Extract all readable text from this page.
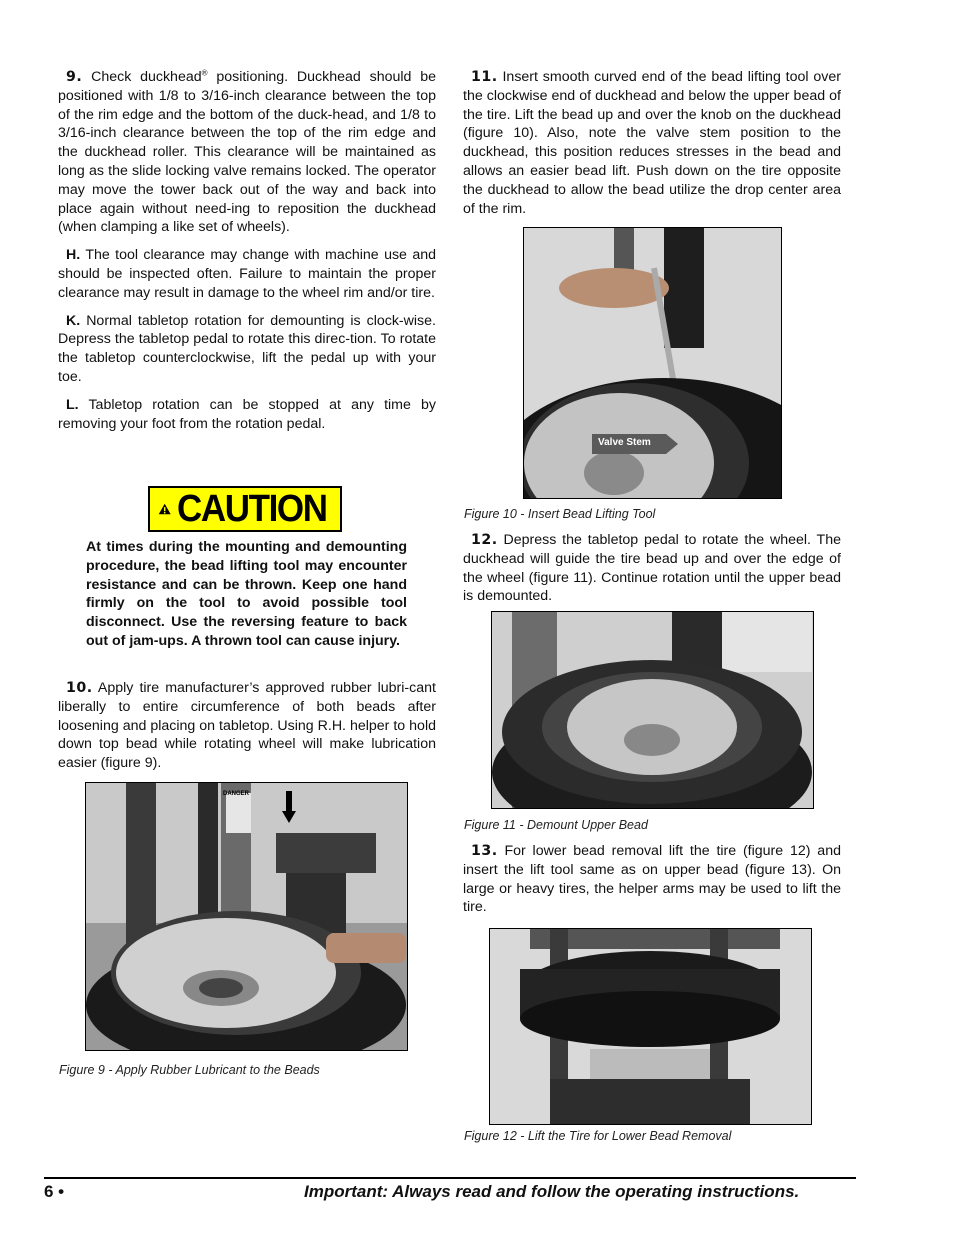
9. Check duckhead® positioning. Duckhead should be positioned with 1/8 to 3/16-inch clearance between the top of the rim edge and the bottom of the duck-head, and 1/8 to 3/16-inch clearance between the top of the rim edge and the duckhead roller. This clearance will be maintained as long as the slide locking valve remains locked. The operator may move the tower back out of the way and back into place again without need-ing to reposition the duckhead (when clamping a like set of wheels).

H. The tool clearance may change with machine use and should be inspected often. Failure to maintain the proper clearance may result in damage to the wheel rim and/or tire.

K. Normal tabletop rotation for demounting is clock-wise. Depress the tabletop pedal to rotate this direc-tion. To rotate the tabletop counterclockwise, lift the pedal up with your toe.

L. Tabletop rotation can be stopped at any time by removing your foot from the rotation pedal.

CAUTION
At times during the mounting and demounting procedure, the bead lifting tool may encounter resistance and can be thrown. Keep one hand firmly on the tool to avoid possible tool disconnect. Use the reversing feature to back out of jam-ups. A thrown tool can cause injury.

10. Apply tire manufacturer’s approved rubber lubri-cant liberally to entire circumference of both beads after loosening and placing on tabletop. Using R.H. helper to hold down top bead while rotating wheel will make lubrication easier (figure 9).

DANGER
Figure 9 - Apply Rubber Lubricant to the Beads

11. Insert smooth curved end of the bead lifting tool over the clockwise end of duckhead and below the upper bead of the tire. Lift the bead up and over the knob on the duckhead (figure 10). Also, note the valve stem position to the duckhead, this position reduces stresses in the bead and allows an easier bead lift. Push down on the tire opposite the duckhead to allow the bead utilize the drop center area of the rim.

Valve Stem
Figure 10 - Insert Bead Lifting Tool

12. Depress the tabletop pedal to rotate the wheel. The duckhead will guide the tire bead up and over the edge of the wheel (figure 11). Continue rotation until the upper bead is demounted.

Figure 11 - Demount Upper Bead

13. For lower bead removal lift the tire (figure 12) and insert the lift tool same as on upper bead (figure 13). On large or heavy tires, the helper arms may be used to lift the tire.

Figure 12 - Lift the Tire for Lower Bead Removal
6 •	Important: Always read and follow the operating instructions.
